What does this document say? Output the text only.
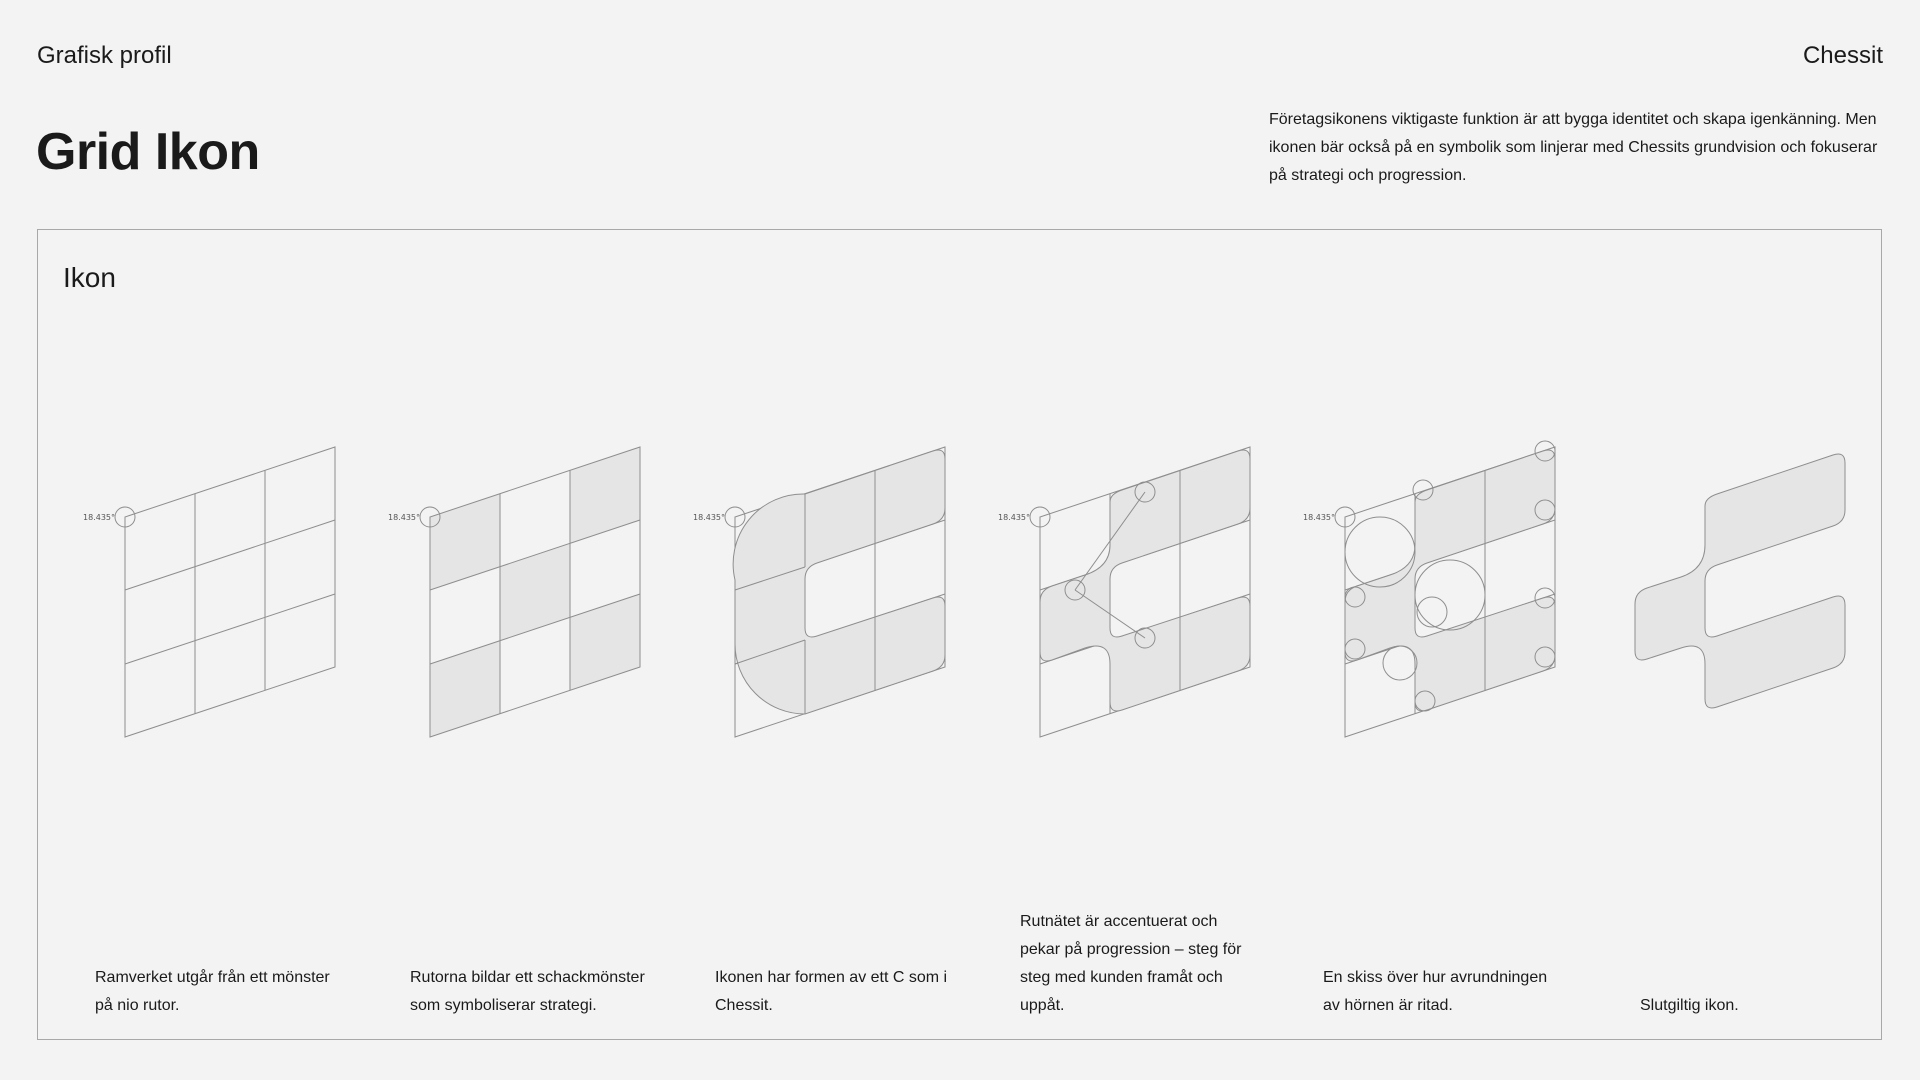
Grafisk profil	Chessit
Grid Ikon

Företagsikonens viktigaste funktion är att bygga identitet och skapa igenkänning. Men ikonen bär också på en symbolik som linjerar med Chessits grundvision och fokuserar på strategi och progression.

Ikon
18.435°

Ramverket utgår från ett mönster på nio rutor.

18.435°

Rutorna bildar ett schackmönster som symboliserar strategi.

18.435°

Ikonen har formen av ett C som i Chessit.

18.435°

Rutnätet är accentuerat och pekar på progression – steg för steg med kunden framåt och uppåt.

18.435°

En skiss över hur avrundningen av hörnen är ritad.	Slutgiltig ikon.
